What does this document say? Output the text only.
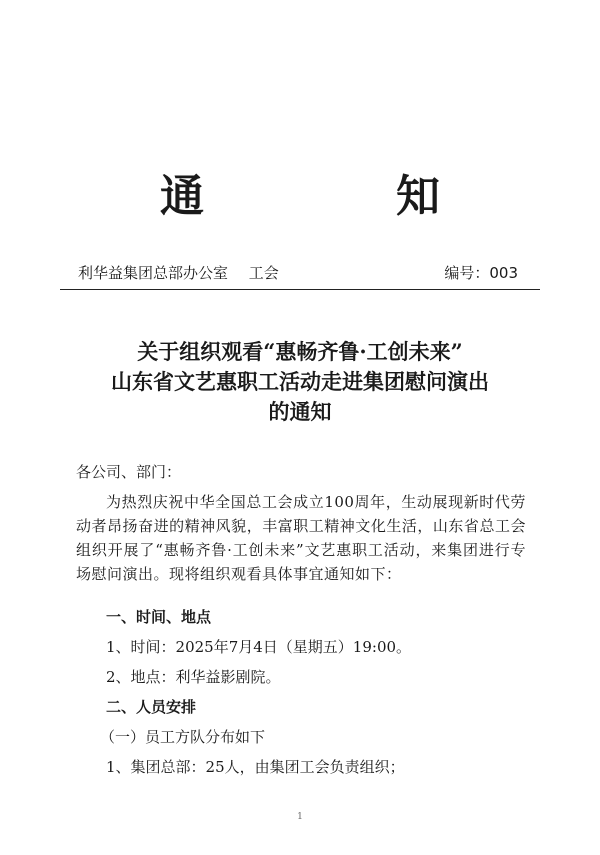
通	知
利华益集团总部办公室 工会	编号：003
关于组织观看“惠畅齐鲁·工创未来”
山东省文艺惠职工活动走进集团慰问演出
的通知
各公司、部门：
为热烈庆祝中华全国总工会成立100周年，生动展现新时代劳动者昂扬奋进的精神风貌，丰富职工精神文化生活，山东省总工会组织开展了“惠畅齐鲁·工创未来”文艺惠职工活动，来集团进行专场慰问演出。现将组织观看具体事宜通知如下：
一、时间、地点
1、时间：2025年7月4日（星期五）19:00。
2、地点：利华益影剧院。
二、人员安排
（一）员工方队分布如下
1、集团总部：25人，由集团工会负责组织；
1
